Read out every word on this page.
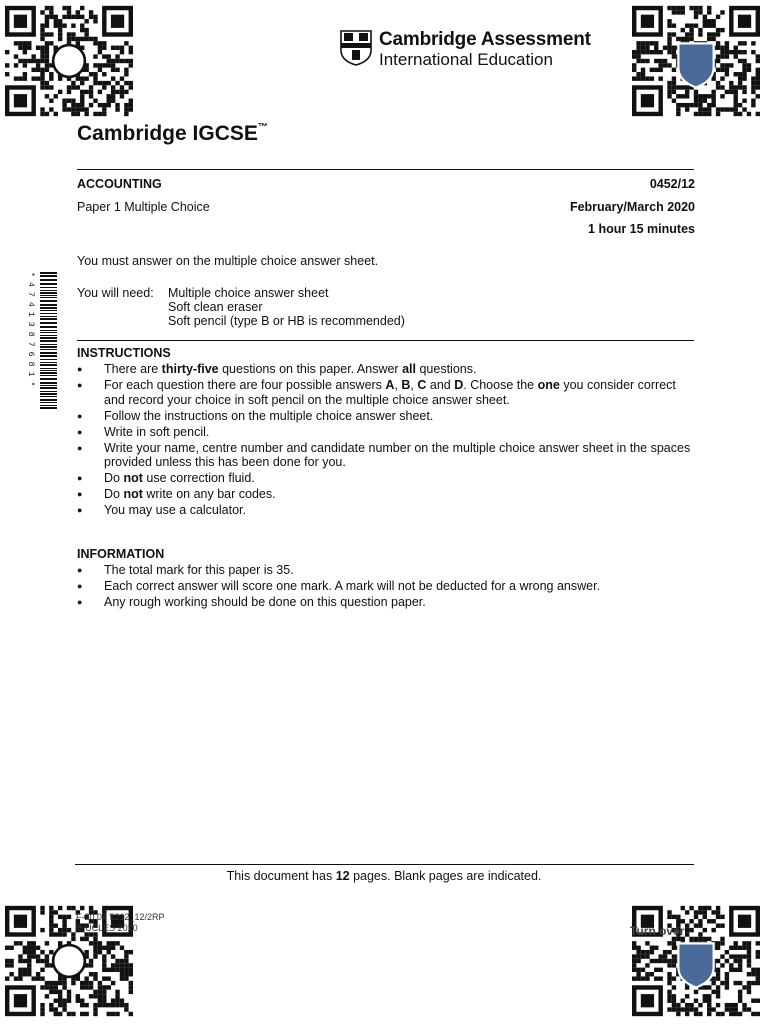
Cambridge Assessment
International Education
Cambridge IGCSE™
ACCOUNTING	0452/12
Paper 1 Multiple Choice	February/March 2020
1 hour 15 minutes
You must answer on the multiple choice answer sheet.
You will need: Multiple choice answer sheet
Soft clean eraser
Soft pencil (type B or HB is recommended)
* 4 7 4 1 3 8 7 6 8 1 *	INSTRUCTIONS
● There are thirty-five questions on this paper. Answer all questions.
● For each question there are four possible answers A, B, C and D. Choose the one you consider correct and record your choice in soft pencil on the multiple choice answer sheet.
● Follow the instructions on the multiple choice answer sheet.
● Write in soft pencil.
● Write your name, centre number and candidate number on the multiple choice answer sheet in the spaces provided unless this has been done for you.
● Do not use correction fluid.
● Do not write on any bar codes.
● You may use a calculator.
INFORMATION
● The total mark for this paper is 35.
● Each correct answer will score one mark. A mark will not be deducted for a wrong answer.
● Any rough working should be done on this question paper.
This document has 12 pages. Blank pages are indicated.
F-20 04 5212_12/2RP
© UCLES 2020	Turn over
